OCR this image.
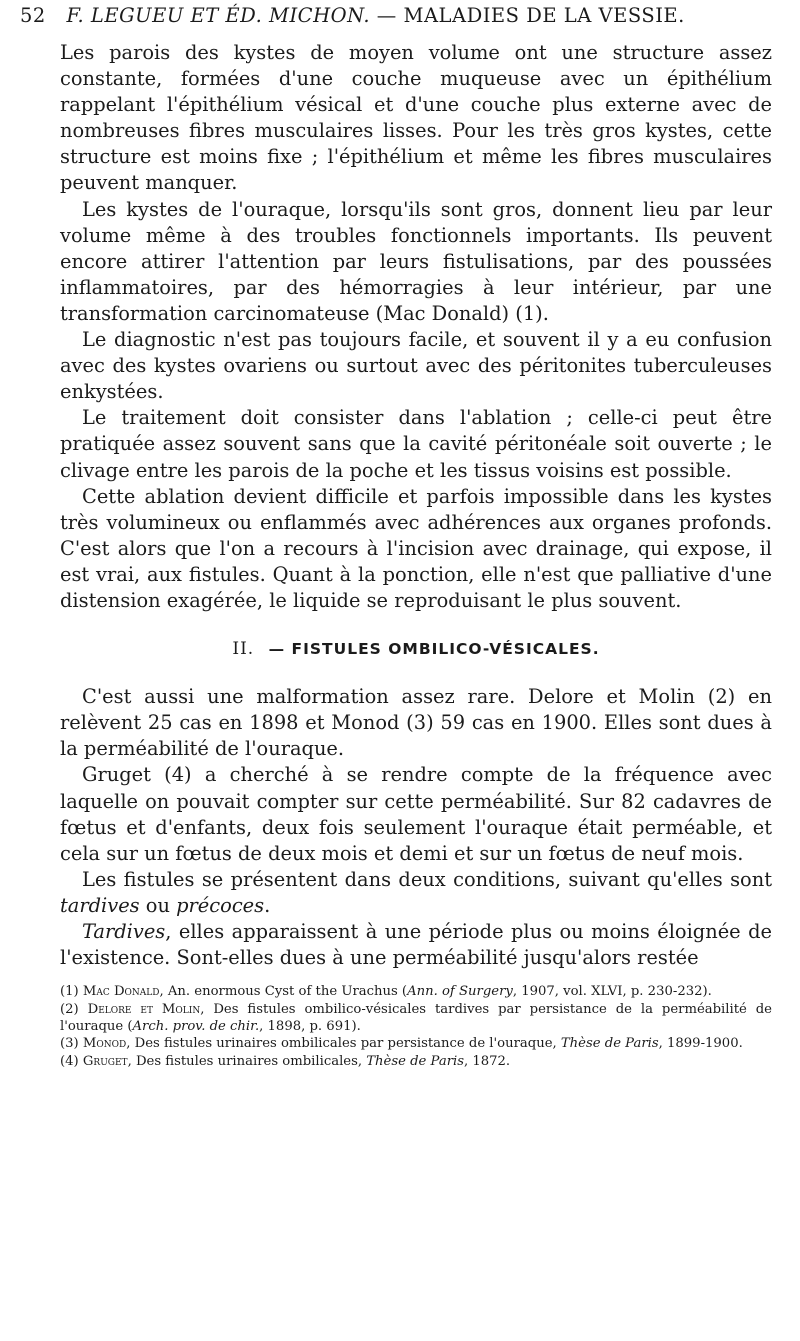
52 F. LEGUEU ET ÉD. MICHON. — MALADIES DE LA VESSIE.

Les parois des kystes de moyen volume ont une structure assez constante, formées d'une couche muqueuse avec un épithélium rappelant l'épithélium vésical et d'une couche plus externe avec de nombreuses fibres musculaires lisses. Pour les très gros kystes, cette structure est moins fixe ; l'épithélium et même les fibres musculaires peuvent manquer.

Les kystes de l'ouraque, lorsqu'ils sont gros, donnent lieu par leur volume même à des troubles fonctionnels importants. Ils peuvent encore attirer l'attention par leurs fistulisations, par des poussées inflammatoires, par des hémorragies à leur intérieur, par une transformation carcinomateuse (Mac Donald) (1).

Le diagnostic n'est pas toujours facile, et souvent il y a eu confusion avec des kystes ovariens ou surtout avec des péritonites tuberculeuses enkystées.

Le traitement doit consister dans l'ablation ; celle-ci peut être pratiquée assez souvent sans que la cavité péritonéale soit ouverte ; le clivage entre les parois de la poche et les tissus voisins est possible.

Cette ablation devient difficile et parfois impossible dans les kystes très volumineux ou enflammés avec adhérences aux organes profonds. C'est alors que l'on a recours à l'incision avec drainage, qui expose, il est vrai, aux fistules. Quant à la ponction, elle n'est que palliative d'une distension exagérée, le liquide se reproduisant le plus souvent.

II. — FISTULES OMBILICO-VÉSICALES.

C'est aussi une malformation assez rare. Delore et Molin (2) en relèvent 25 cas en 1898 et Monod (3) 59 cas en 1900. Elles sont dues à la perméabilité de l'ouraque.

Gruget (4) a cherché à se rendre compte de la fréquence avec laquelle on pouvait compter sur cette perméabilité. Sur 82 cadavres de fœtus et d'enfants, deux fois seulement l'ouraque était perméable, et cela sur un fœtus de deux mois et demi et sur un fœtus de neuf mois.

Les fistules se présentent dans deux conditions, suivant qu'elles sont tardives ou précoces.

Tardives, elles apparaissent à une période plus ou moins éloignée de l'existence. Sont-elles dues à une perméabilité jusqu'alors restée

(1) Mac Donald, An. enormous Cyst of the Urachus (Ann. of Surgery, 1907, vol. XLVI, p. 230-232).

(2) Delore et Molin, Des fistules ombilico-vésicales tardives par persistance de la perméabilité de l'ouraque (Arch. prov. de chir., 1898, p. 691).

(3) Monod, Des fistules urinaires ombilicales par persistance de l'ouraque, Thèse de Paris, 1899-1900.

(4) Gruget, Des fistules urinaires ombilicales, Thèse de Paris, 1872.
